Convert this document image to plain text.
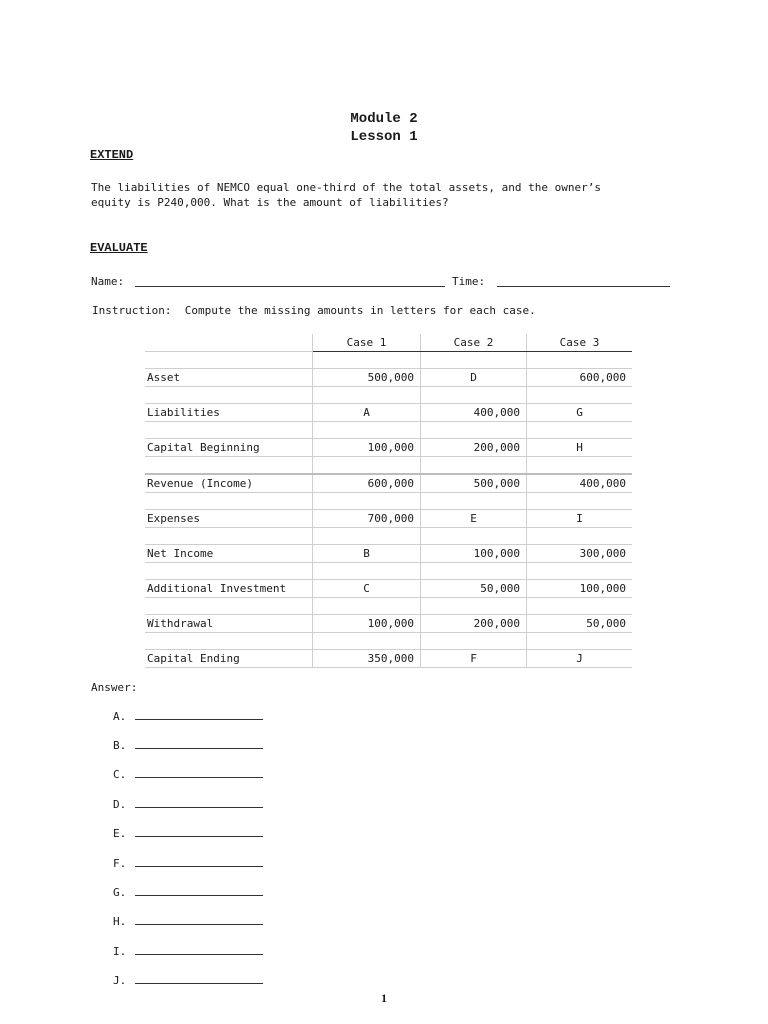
Module 2
Lesson 1
EXTEND
The liabilities of NEMCO equal one-third of the total assets, and the owner’s
equity is P240,000. What is the amount of liabilities?
EVALUATE
Name:	Time:
Instruction:  Compute the missing amounts in letters for each case.
	Case 1	Case 2	Case 3

Asset	500,000	D	600,000

Liabilities	A	400,000	G

Capital Beginning	100,000	200,000	H

Revenue (Income)	600,000	500,000	400,000

Expenses	700,000	E	I

Net Income	B	100,000	300,000

Additional Investment	C	50,000	100,000

Withdrawal	100,000	200,000	50,000

Capital Ending	350,000	F	J
Answer:
A.
B.
C.
D.
E.
F.
G.
H.
I.
J.
1
